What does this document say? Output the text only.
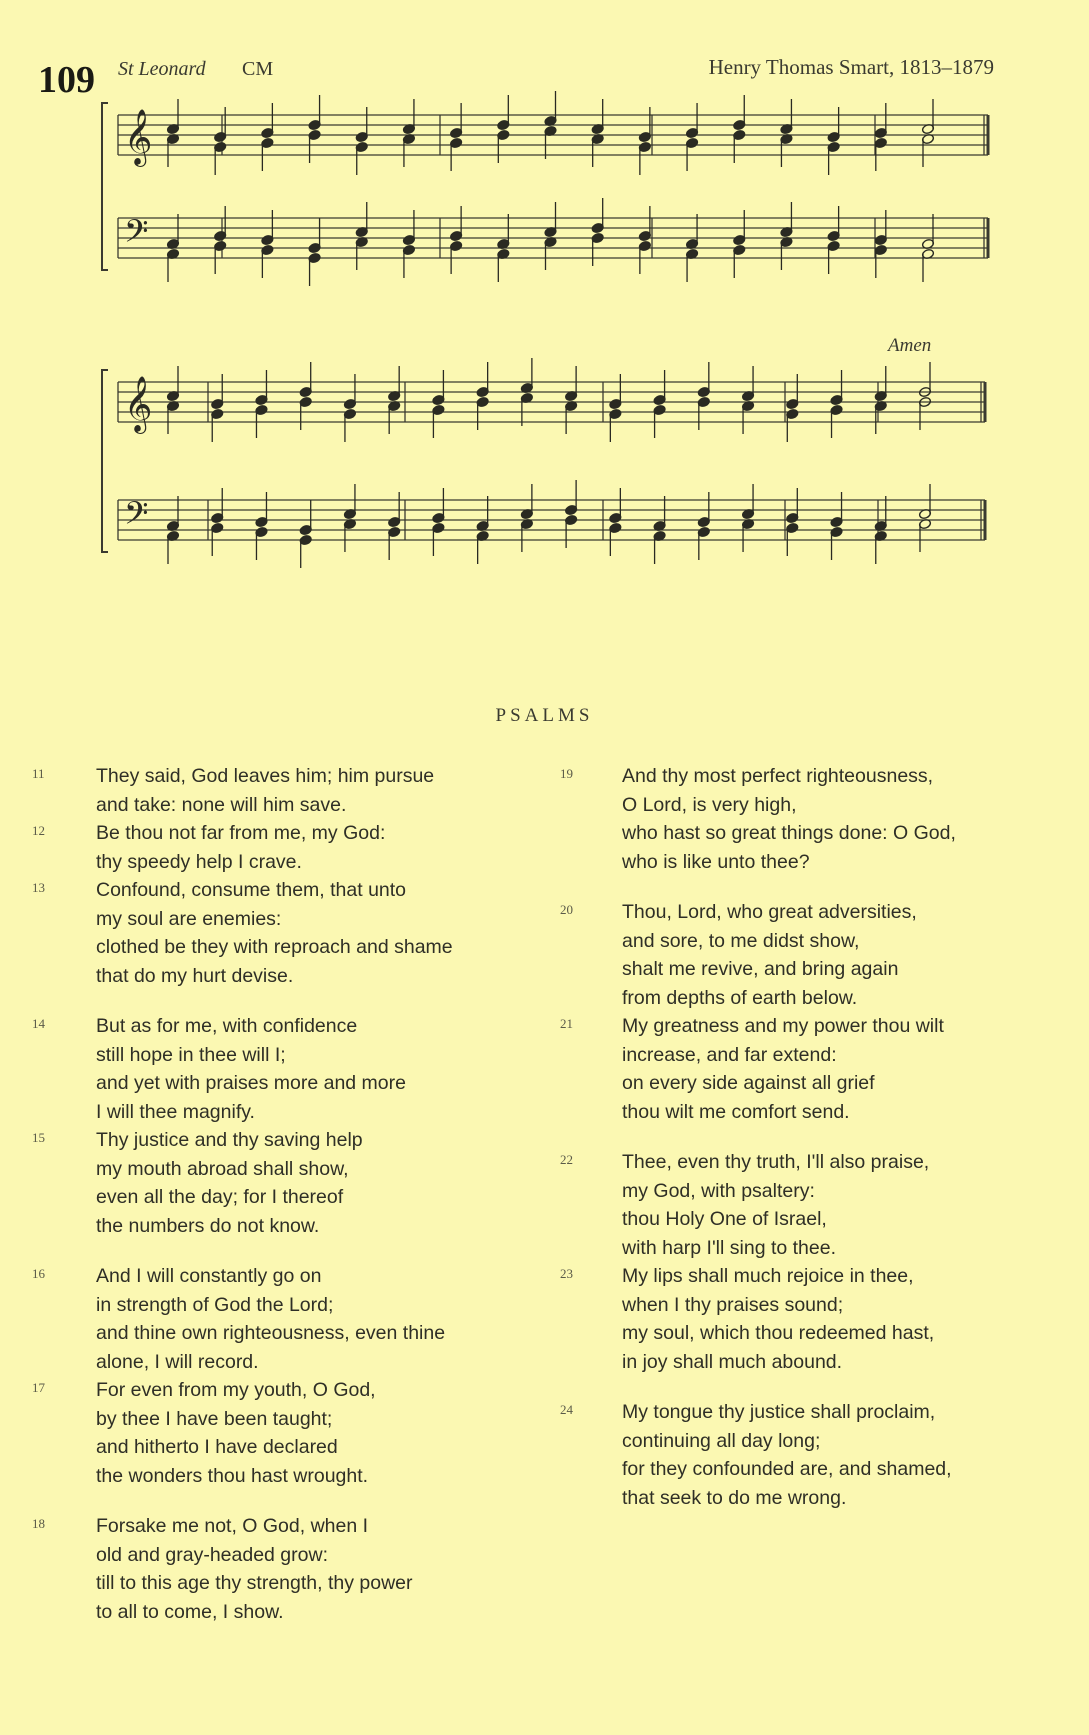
109 St Leonard CM	Henry Thomas Smart, 1813–1879
𝄞
𝄢
𝄞
𝄢
Amen
PSALMS
11	They said, God leaves him; him pursue
and take: none will him save.
12	Be thou not far from me, my God:
thy speedy help I crave.
13	Confound, consume them, that unto
my soul are enemies:
clothed be they with reproach and shame
that do my hurt devise.
14	But as for me, with confidence
still hope in thee will I;
and yet with praises more and more
I will thee magnify.
15	Thy justice and thy saving help
my mouth abroad shall show,
even all the day; for I thereof
the numbers do not know.
16	And I will constantly go on
in strength of God the Lord;
and thine own righteousness, even thine
alone, I will record.
17	For even from my youth, O God,
by thee I have been taught;
and hitherto I have declared
the wonders thou hast wrought.
18	Forsake me not, O God, when I
old and gray-headed grow:
till to this age thy strength, thy power
to all to come, I show.
19	And thy most perfect righteousness,
O Lord, is very high,
who hast so great things done: O God,
who is like unto thee?
20	Thou, Lord, who great adversities,
and sore, to me didst show,
shalt me revive, and bring again
from depths of earth below.
21	My greatness and my power thou wilt
increase, and far extend:
on every side against all grief
thou wilt me comfort send.
22	Thee, even thy truth, I'll also praise,
my God, with psaltery:
thou Holy One of Israel,
with harp I'll sing to thee.
23	My lips shall much rejoice in thee,
when I thy praises sound;
my soul, which thou redeemed hast,
in joy shall much abound.
24	My tongue thy justice shall proclaim,
continuing all day long;
for they confounded are, and shamed,
that seek to do me wrong.
